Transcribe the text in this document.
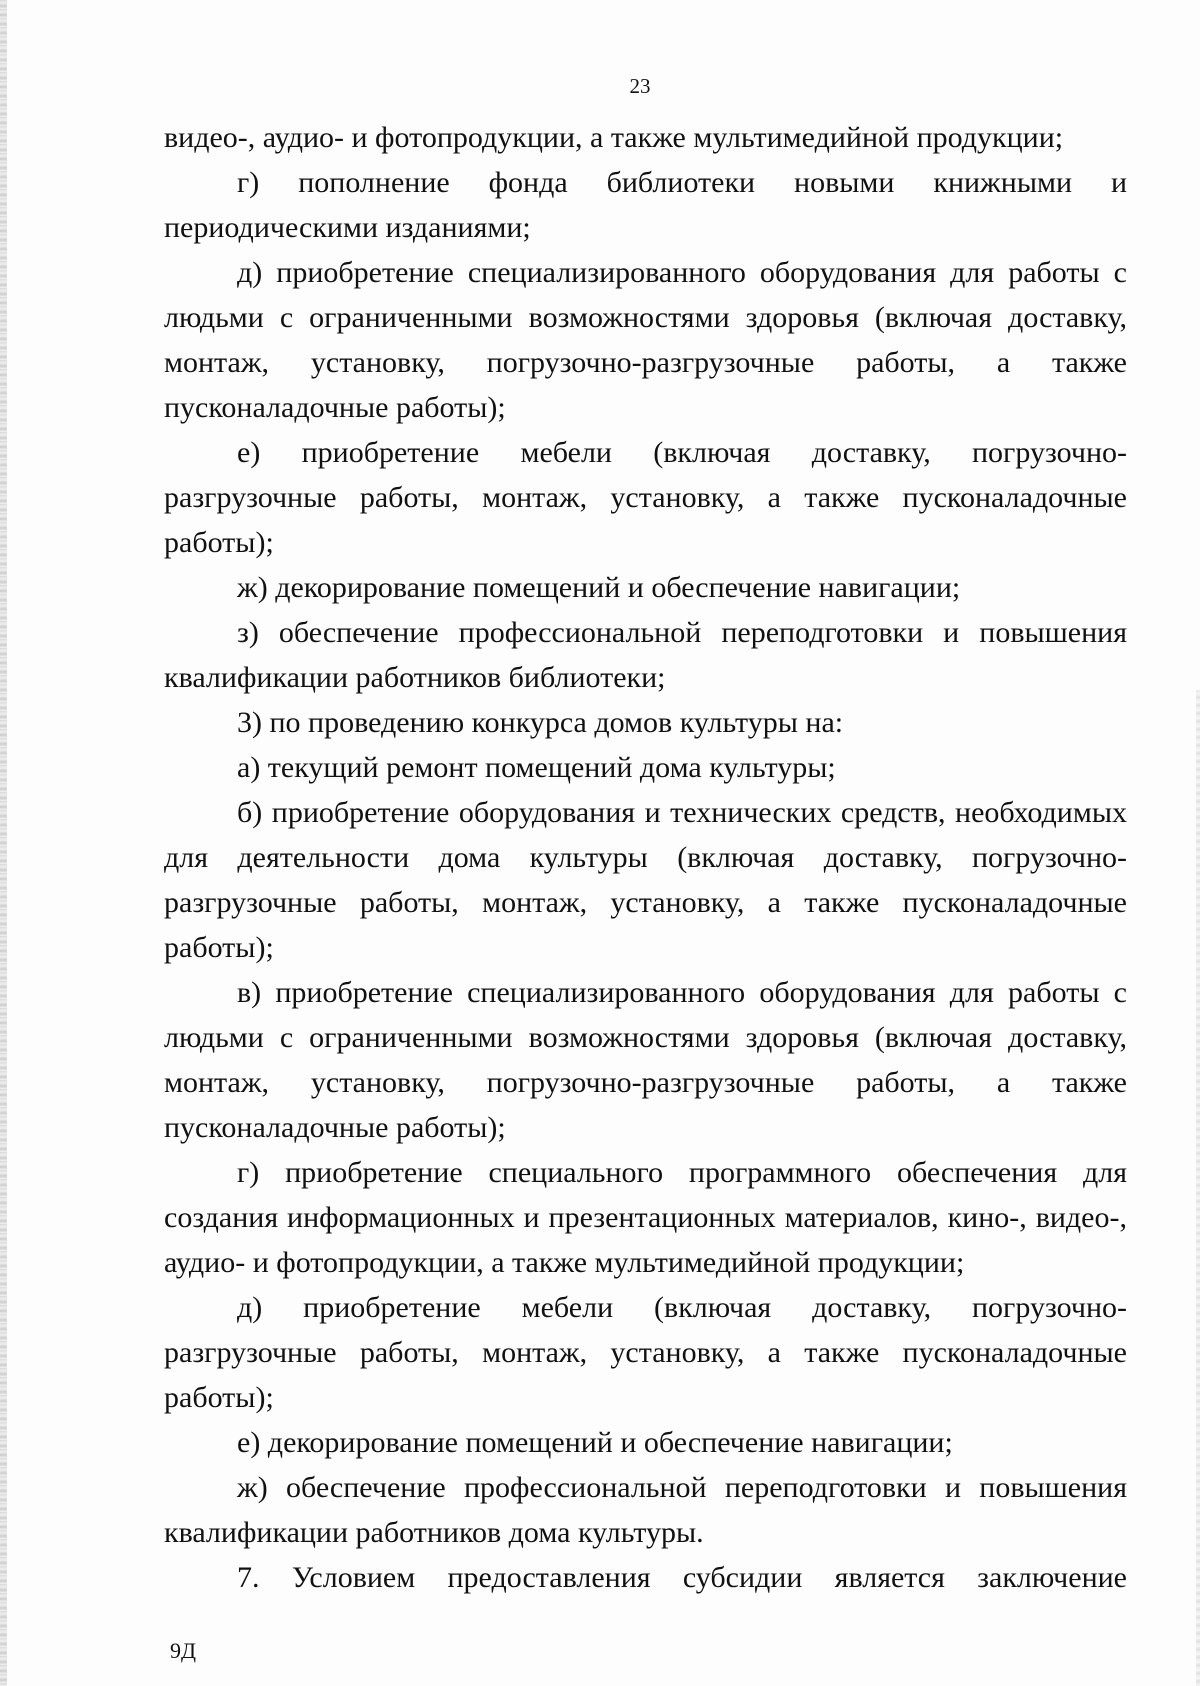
23

видео-, аудио- и фотопродукции, а также мультимедийной продукции;

г) пополнение фонда библиотеки новыми книжными и периодическими изданиями;

д) приобретение специализированного оборудования для работы с людьми с ограниченными возможностями здоровья (включая доставку, монтаж, установку, погрузочно-разгрузочные работы, а также пусконаладочные работы);

е) приобретение мебели (включая доставку, погрузочно-разгрузочные работы, монтаж, установку, а также пусконаладочные работы);

ж) декорирование помещений и обеспечение навигации;

з) обеспечение профессиональной переподготовки и повышения квалификации работников библиотеки;

3) по проведению конкурса домов культуры на:

а) текущий ремонт помещений дома культуры;

б) приобретение оборудования и технических средств, необходимых для деятельности дома культуры (включая доставку, погрузочно-разгрузочные работы, монтаж, установку, а также пусконаладочные работы);

в) приобретение специализированного оборудования для работы с людьми с ограниченными возможностями здоровья (включая доставку, монтаж, установку, погрузочно-разгрузочные работы, а также пусконаладочные работы);

г) приобретение специального программного обеспечения для создания информационных и презентационных материалов, кино-, видео-, аудио- и фотопродукции, а также мультимедийной продукции;

д) приобретение мебели (включая доставку, погрузочно-разгрузочные работы, монтаж, установку, а также пусконаладочные работы);

е) декорирование помещений и обеспечение навигации;

ж) обеспечение профессиональной переподготовки и повышения квалификации работников дома культуры.

7. Условием предоставления субсидии является заключение

9Д
